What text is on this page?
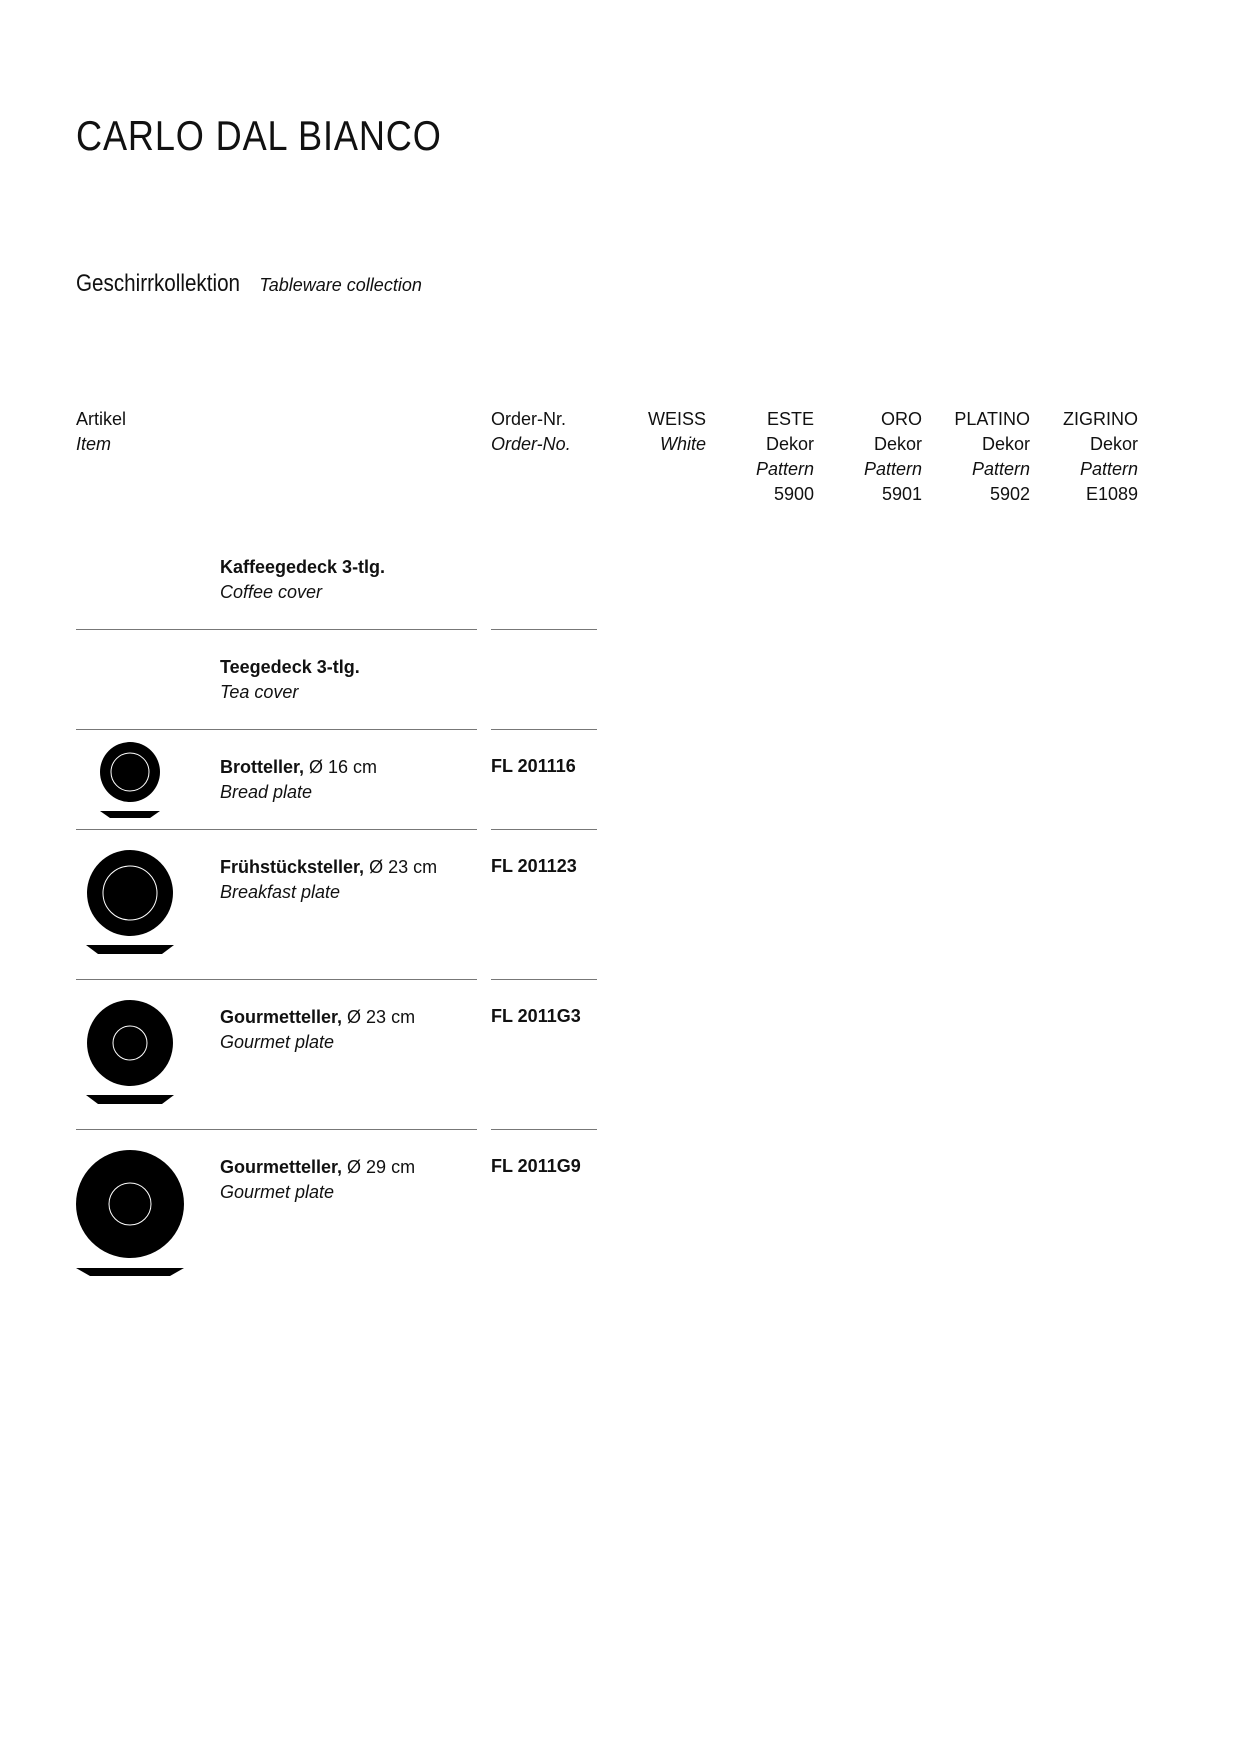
CARLO DAL BIANCO
Geschirrkollektion Tableware collection
Artikel
Item
Order-Nr.
Order-No.
WEISS
White
ESTE
Dekor
Pattern
5900
ORO
Dekor
Pattern
5901
PLATINO
Dekor
Pattern
5902
ZIGRINO
Dekor
Pattern
E1089
Kaffeegedeck 3-tlg.
Coffee cover
Teegedeck 3-tlg.
Tea cover
Brotteller, Ø 16 cm
Bread plate
FL 201116
Frühstücksteller, Ø 23 cm
Breakfast plate
FL 201123
Gourmetteller, Ø 23 cm
Gourmet plate
FL 2011G3
Gourmetteller, Ø 29 cm
Gourmet plate
FL 2011G9
